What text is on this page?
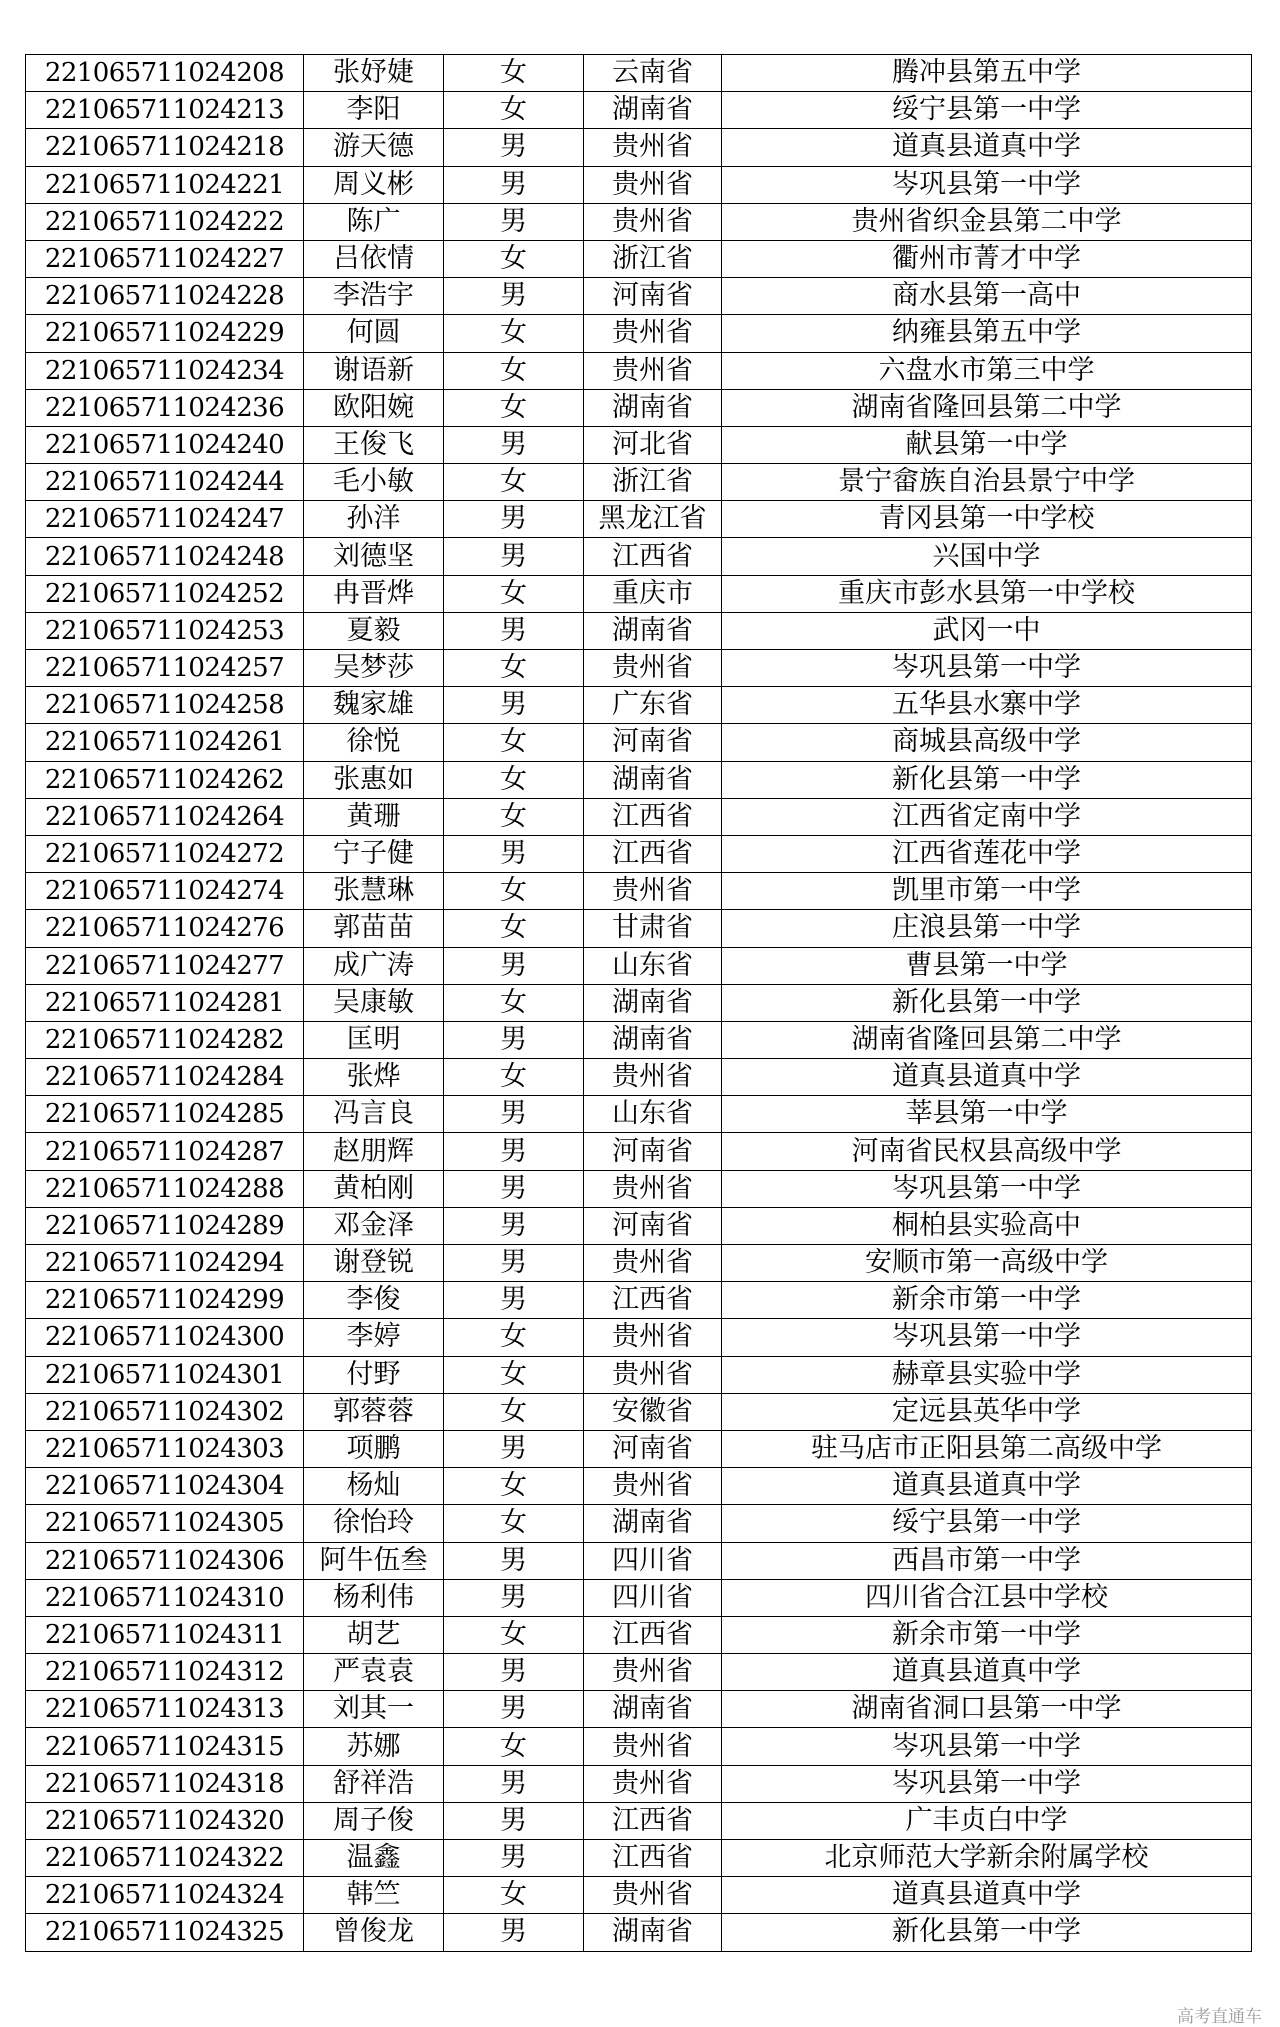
221065711024208	张妤婕	女	云南省	腾冲县第五中学
221065711024213	李阳	女	湖南省	绥宁县第一中学
221065711024218	游天德	男	贵州省	道真县道真中学
221065711024221	周义彬	男	贵州省	岑巩县第一中学
221065711024222	陈广	男	贵州省	贵州省织金县第二中学
221065711024227	吕依情	女	浙江省	衢州市菁才中学
221065711024228	李浩宇	男	河南省	商水县第一高中
221065711024229	何圆	女	贵州省	纳雍县第五中学
221065711024234	谢语新	女	贵州省	六盘水市第三中学
221065711024236	欧阳婉	女	湖南省	湖南省隆回县第二中学
221065711024240	王俊飞	男	河北省	献县第一中学
221065711024244	毛小敏	女	浙江省	景宁畲族自治县景宁中学
221065711024247	孙洋	男	黑龙江省	青冈县第一中学校
221065711024248	刘德坚	男	江西省	兴国中学
221065711024252	冉晋烨	女	重庆市	重庆市彭水县第一中学校
221065711024253	夏毅	男	湖南省	武冈一中
221065711024257	吴梦莎	女	贵州省	岑巩县第一中学
221065711024258	魏家雄	男	广东省	五华县水寨中学
221065711024261	徐悦	女	河南省	商城县高级中学
221065711024262	张惠如	女	湖南省	新化县第一中学
221065711024264	黄珊	女	江西省	江西省定南中学
221065711024272	宁子健	男	江西省	江西省莲花中学
221065711024274	张慧琳	女	贵州省	凯里市第一中学
221065711024276	郭苗苗	女	甘肃省	庄浪县第一中学
221065711024277	成广涛	男	山东省	曹县第一中学
221065711024281	吴康敏	女	湖南省	新化县第一中学
221065711024282	匡明	男	湖南省	湖南省隆回县第二中学
221065711024284	张烨	女	贵州省	道真县道真中学
221065711024285	冯言良	男	山东省	莘县第一中学
221065711024287	赵朋辉	男	河南省	河南省民权县高级中学
221065711024288	黄柏刚	男	贵州省	岑巩县第一中学
221065711024289	邓金泽	男	河南省	桐柏县实验高中
221065711024294	谢登锐	男	贵州省	安顺市第一高级中学
221065711024299	李俊	男	江西省	新余市第一中学
221065711024300	李婷	女	贵州省	岑巩县第一中学
221065711024301	付野	女	贵州省	赫章县实验中学
221065711024302	郭蓉蓉	女	安徽省	定远县英华中学
221065711024303	项鹏	男	河南省	驻马店市正阳县第二高级中学
221065711024304	杨灿	女	贵州省	道真县道真中学
221065711024305	徐怡玲	女	湖南省	绥宁县第一中学
221065711024306	阿牛伍叁	男	四川省	西昌市第一中学
221065711024310	杨利伟	男	四川省	四川省合江县中学校
221065711024311	胡艺	女	江西省	新余市第一中学
221065711024312	严袁袁	男	贵州省	道真县道真中学
221065711024313	刘其一	男	湖南省	湖南省洞口县第一中学
221065711024315	苏娜	女	贵州省	岑巩县第一中学
221065711024318	舒祥浩	男	贵州省	岑巩县第一中学
221065711024320	周子俊	男	江西省	广丰贞白中学
221065711024322	温鑫	男	江西省	北京师范大学新余附属学校
221065711024324	韩竺	女	贵州省	道真县道真中学
221065711024325	曾俊龙	男	湖南省	新化县第一中学
高考直通车
